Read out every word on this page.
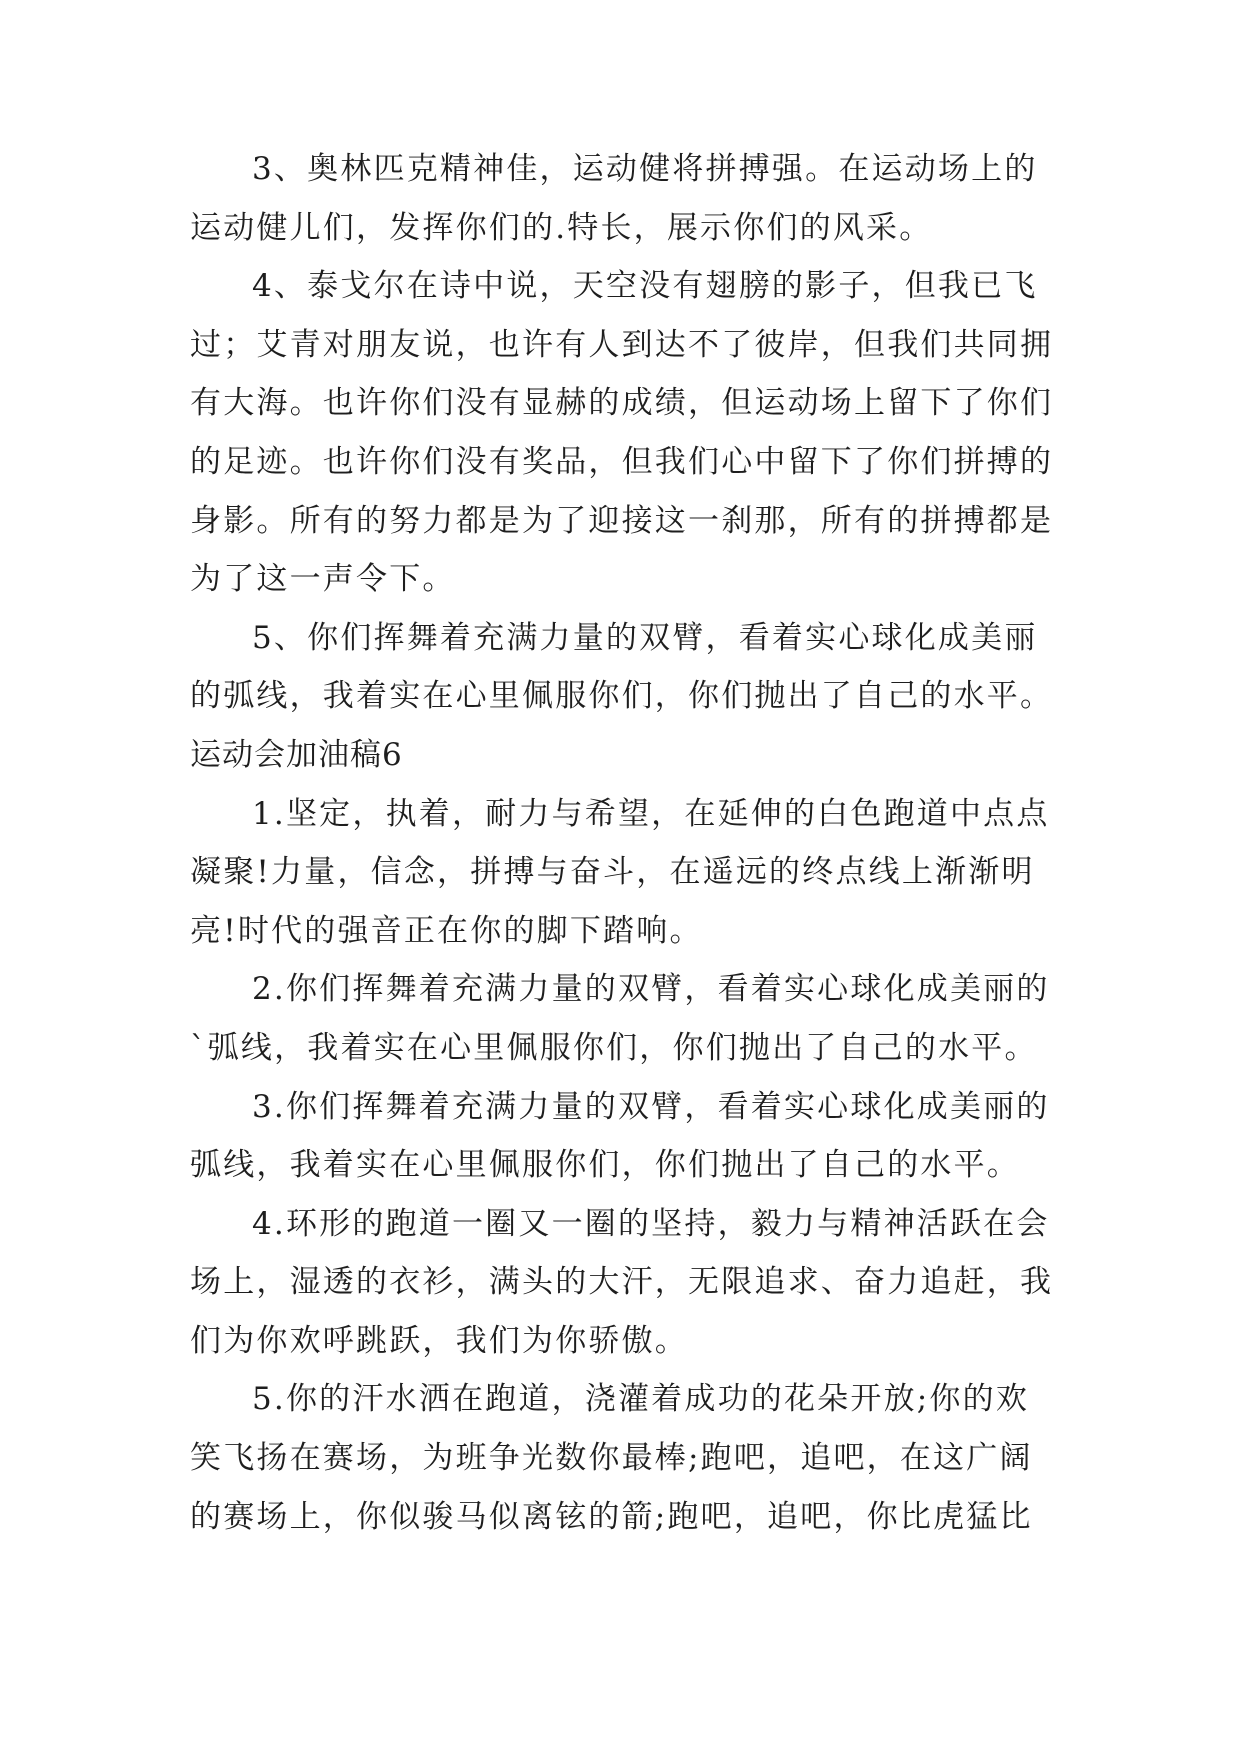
3、奥林匹克精神佳，运动健将拼搏强。在运动场上的
运动健儿们，发挥你们的.特长，展示你们的风采。
4、泰戈尔在诗中说，天空没有翅膀的影子，但我已飞
过；艾青对朋友说，也许有人到达不了彼岸，但我们共同拥
有大海。也许你们没有显赫的成绩，但运动场上留下了你们
的足迹。也许你们没有奖品，但我们心中留下了你们拼搏的
身影。所有的努力都是为了迎接这一刹那，所有的拼搏都是
为了这一声令下。
5、你们挥舞着充满力量的双臂，看着实心球化成美丽
的弧线，我着实在心里佩服你们，你们抛出了自己的水平。
运动会加油稿6
1.坚定，执着，耐力与希望，在延伸的白色跑道中点点
凝聚!力量，信念，拼搏与奋斗，在遥远的终点线上渐渐明
亮!时代的强音正在你的脚下踏响。
2.你们挥舞着充满力量的双臂，看着实心球化成美丽的
`弧线，我着实在心里佩服你们，你们抛出了自己的水平。
3.你们挥舞着充满力量的双臂，看着实心球化成美丽的
弧线，我着实在心里佩服你们，你们抛出了自己的水平。
4.环形的跑道一圈又一圈的坚持，毅力与精神活跃在会
场上，湿透的衣衫，满头的大汗，无限追求、奋力追赶，我
们为你欢呼跳跃，我们为你骄傲。
5.你的汗水洒在跑道，浇灌着成功的花朵开放;你的欢
笑飞扬在赛场，为班争光数你最棒;跑吧，追吧，在这广阔
的赛场上，你似骏马似离铉的箭;跑吧，追吧，你比虎猛比
